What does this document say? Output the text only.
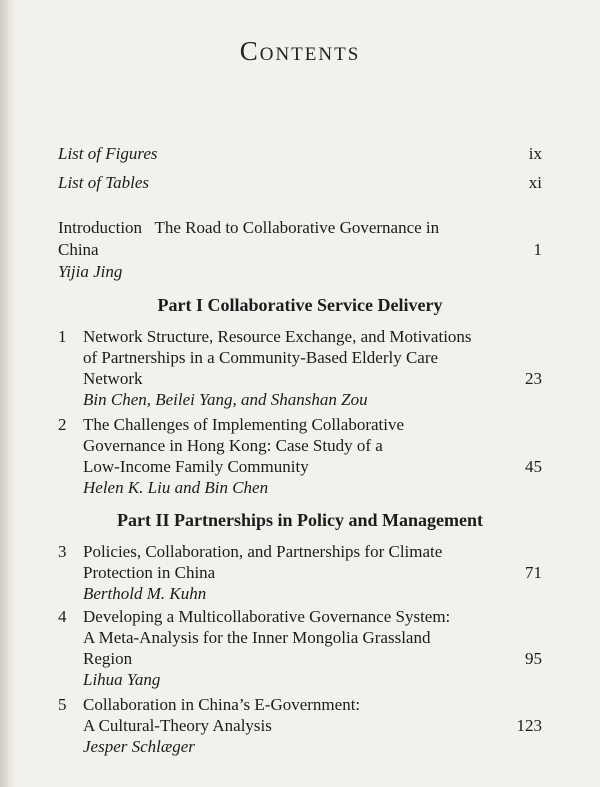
Contents
List of Figures	ix
List of Tables	xi
Introduction The Road to Collaborative Governance in
China
Yijia Jing
1
Part I Collaborative Service Delivery
1 Network Structure, Resource Exchange, and Motivations
of Partnerships in a Community-Based Elderly Care
Network
Bin Chen, Beilei Yang, and Shanshan Zou
23
2 The Challenges of Implementing Collaborative
Governance in Hong Kong: Case Study of a
Low-Income Family Community
Helen K. Liu and Bin Chen
45
Part II Partnerships in Policy and Management
3 Policies, Collaboration, and Partnerships for Climate
Protection in China
Berthold M. Kuhn
71
4 Developing a Multicollaborative Governance System:
A Meta-Analysis for the Inner Mongolia Grassland
Region
Lihua Yang
95
5 Collaboration in China’s E-Government:
A Cultural-Theory Analysis
Jesper Schlæger
123
